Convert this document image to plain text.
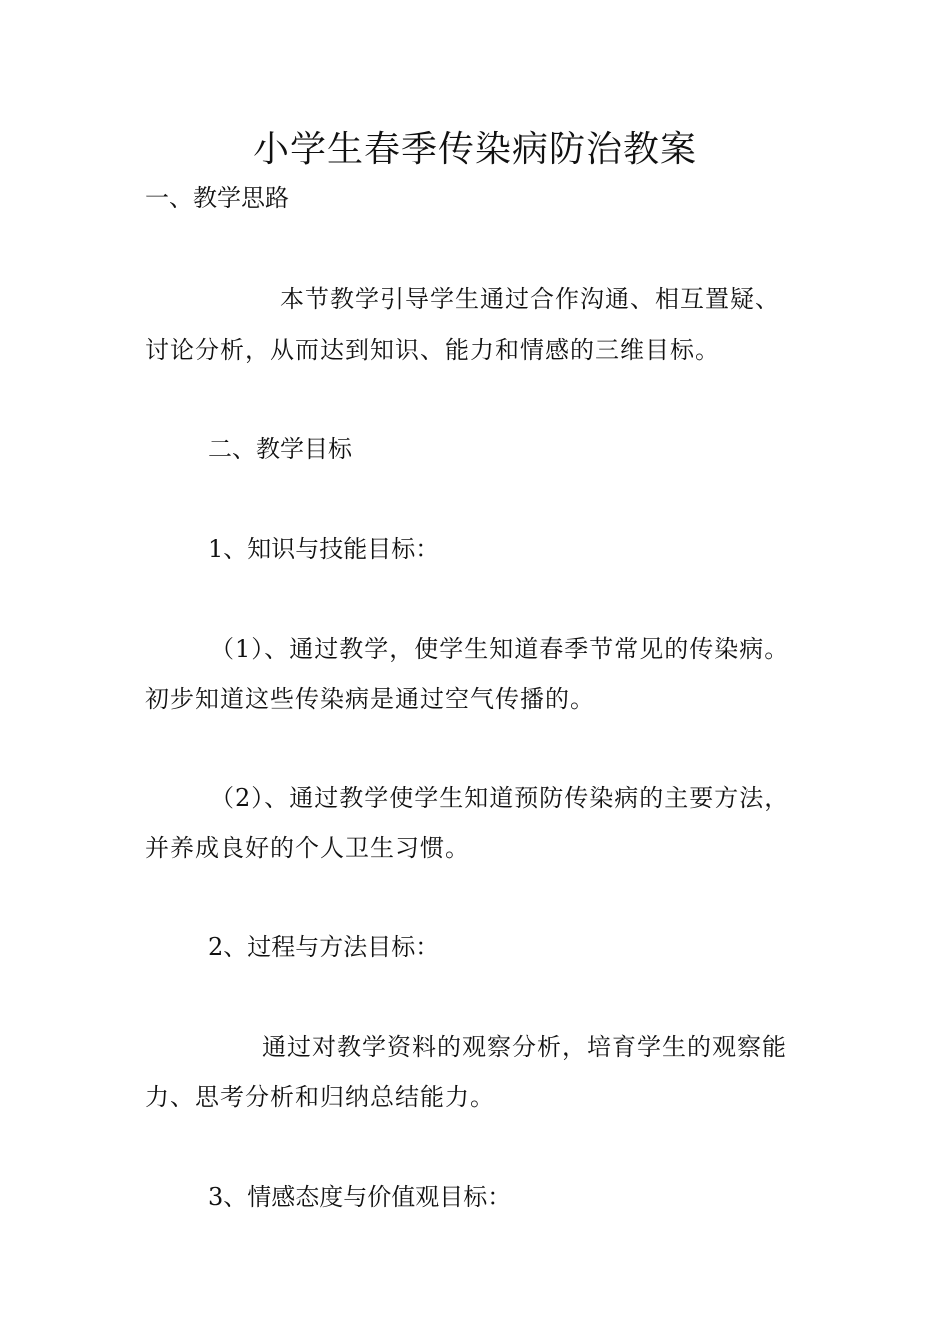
小学生春季传染病防治教案

一、教学思路

本节教学引导学生通过合作沟通、相互置疑、

讨论分析，从而达到知识、能力和情感的三维目标。

二、教学目标

1、知识与技能目标：

（1）、通过教学，使学生知道春季节常见的传染病。

初步知道这些传染病是通过空气传播的。

（2）、通过教学使学生知道预防传染病的主要方法，

并养成良好的个人卫生习惯。

2、过程与方法目标：

通过对教学资料的观察分析，培育学生的观察能

力、思考分析和归纳总结能力。

3、情感态度与价值观目标：
